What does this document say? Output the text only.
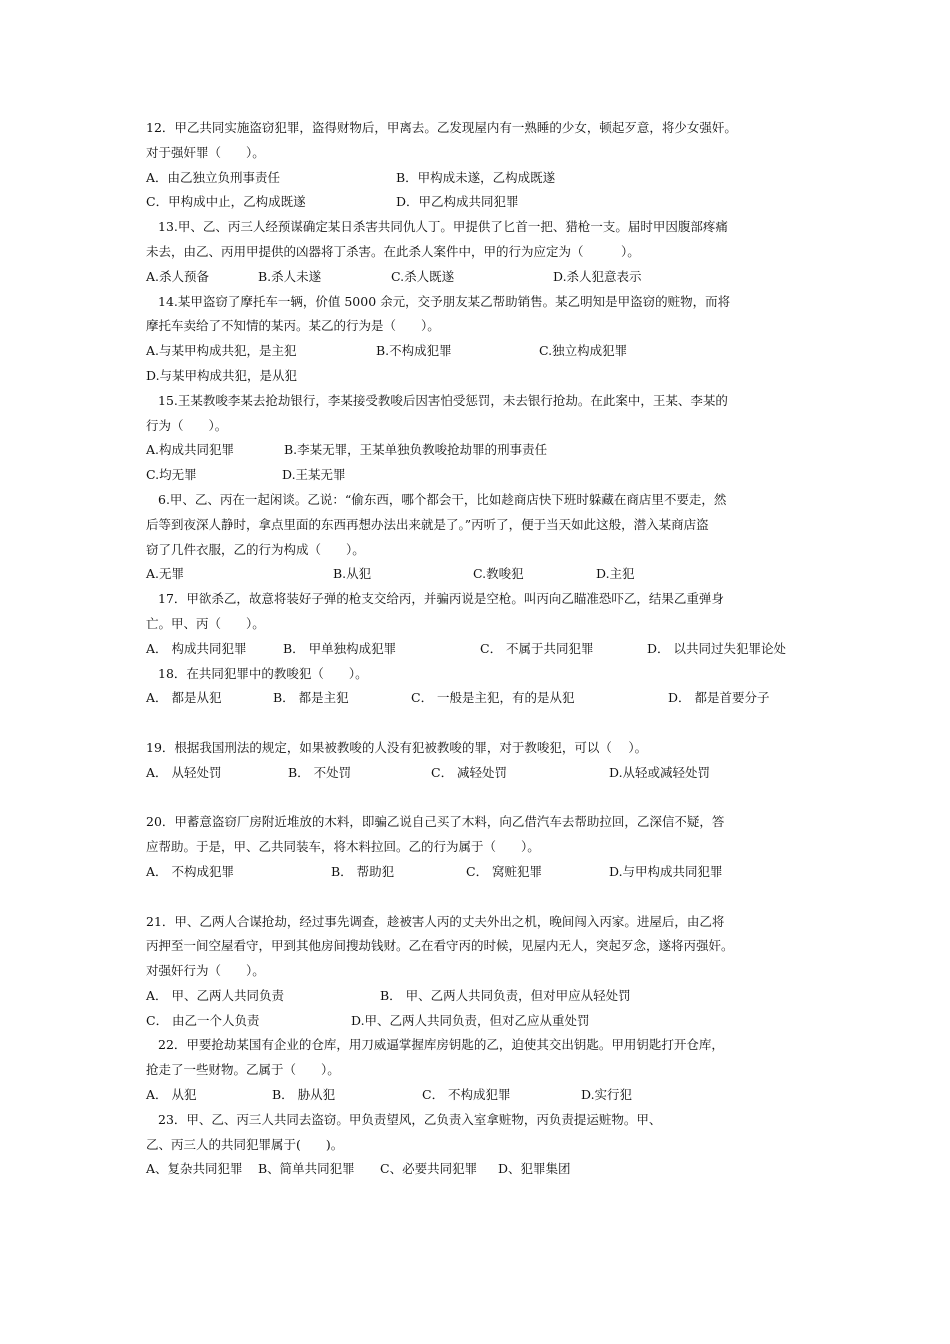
12．甲乙共同实施盗窃犯罪，盗得财物后，甲离去。乙发现屋内有一熟睡的少女，顿起歹意，将少女强奸。
对于强奸罪（　　）。
A．由乙独立负刑事责任	B．甲构成未遂，乙构成既遂
C．甲构成中止，乙构成既遂	D．甲乙构成共同犯罪
13.甲、乙、丙三人经预谋确定某日杀害共同仇人丁。甲提供了匕首一把、猎枪一支。届时甲因腹部疼痛
未去，由乙、丙用甲提供的凶器将丁杀害。在此杀人案件中，甲的行为应定为（　　　）。
A.杀人预备	B.杀人未遂	C.杀人既遂	D.杀人犯意表示
14.某甲盗窃了摩托车一辆，价值 5000 余元，交予朋友某乙帮助销售。某乙明知是甲盗窃的赃物，而将
摩托车卖给了不知情的某丙。某乙的行为是（　　）。
A.与某甲构成共犯，是主犯	B.不构成犯罪	C.独立构成犯罪
D.与某甲构成共犯，是从犯
15.王某教唆李某去抢劫银行，李某接受教唆后因害怕受惩罚，未去银行抢劫。在此案中，王某、李某的
行为（　　）。
A.构成共同犯罪	B.李某无罪，王某单独负教唆抢劫罪的刑事责任
C.均无罪	D.王某无罪
6.甲、乙、丙在一起闲谈。乙说：“偷东西，哪个都会干，比如趁商店快下班时躲藏在商店里不要走，然
后等到夜深人静时，拿点里面的东西再想办法出来就是了。”丙听了，便于当天如此这般，潜入某商店盗
窃了几件衣服，乙的行为构成（　　）。
A.无罪	B.从犯	C.教唆犯	D.主犯
17．甲欲杀乙，故意将装好子弹的枪支交给丙，并骗丙说是空枪。叫丙向乙瞄准恐吓乙，结果乙重弹身
亡。甲、丙（　　）。
A． 构成共同犯罪	B． 甲单独构成犯罪	C． 不属于共同犯罪	D． 以共同过失犯罪论处
18．在共同犯罪中的教唆犯（　　）。
A． 都是从犯	B． 都是主犯	C． 一般是主犯，有的是从犯	D． 都是首要分子
19．根据我国刑法的规定，如果被教唆的人没有犯被教唆的罪，对于教唆犯，可以（　 ）。
A． 从轻处罚	B． 不处罚	C． 减轻处罚	D.从轻或减轻处罚
20．甲蓄意盗窃厂房附近堆放的木料，即骗乙说自己买了木料，向乙借汽车去帮助拉回，乙深信不疑，答
应帮助。于是，甲、乙共同装车，将木料拉回。乙的行为属于（　　）。
A． 不构成犯罪	B． 帮助犯	C． 窝赃犯罪	D.与甲构成共同犯罪
21．甲、乙两人合谋抢劫，经过事先调查，趁被害人丙的丈夫外出之机，晚间闯入丙家。进屋后，由乙将
丙押至一间空屋看守，甲到其他房间搜劫钱财。乙在看守丙的时候，见屋内无人，突起歹念，遂将丙强奸。
对强奸行为（　　）。
A． 甲、乙两人共同负责	B． 甲、乙两人共同负责，但对甲应从轻处罚
C． 由乙一个人负责	D.甲、乙两人共同负责，但对乙应从重处罚
22．甲要抢劫某国有企业的仓库，用刀威逼掌握库房钥匙的乙，迫使其交出钥匙。甲用钥匙打开仓库，
抢走了一些财物。乙属于（　　）。
A． 从犯	B． 胁从犯	C． 不构成犯罪	D.实行犯
23．甲、乙、丙三人共同去盗窃。甲负责望风，乙负责入室拿赃物，丙负责提运赃物。甲、
乙、丙三人的共同犯罪属于(　　)。
A、复杂共同犯罪 B、简单共同犯罪 C、必要共同犯罪 D、犯罪集团
